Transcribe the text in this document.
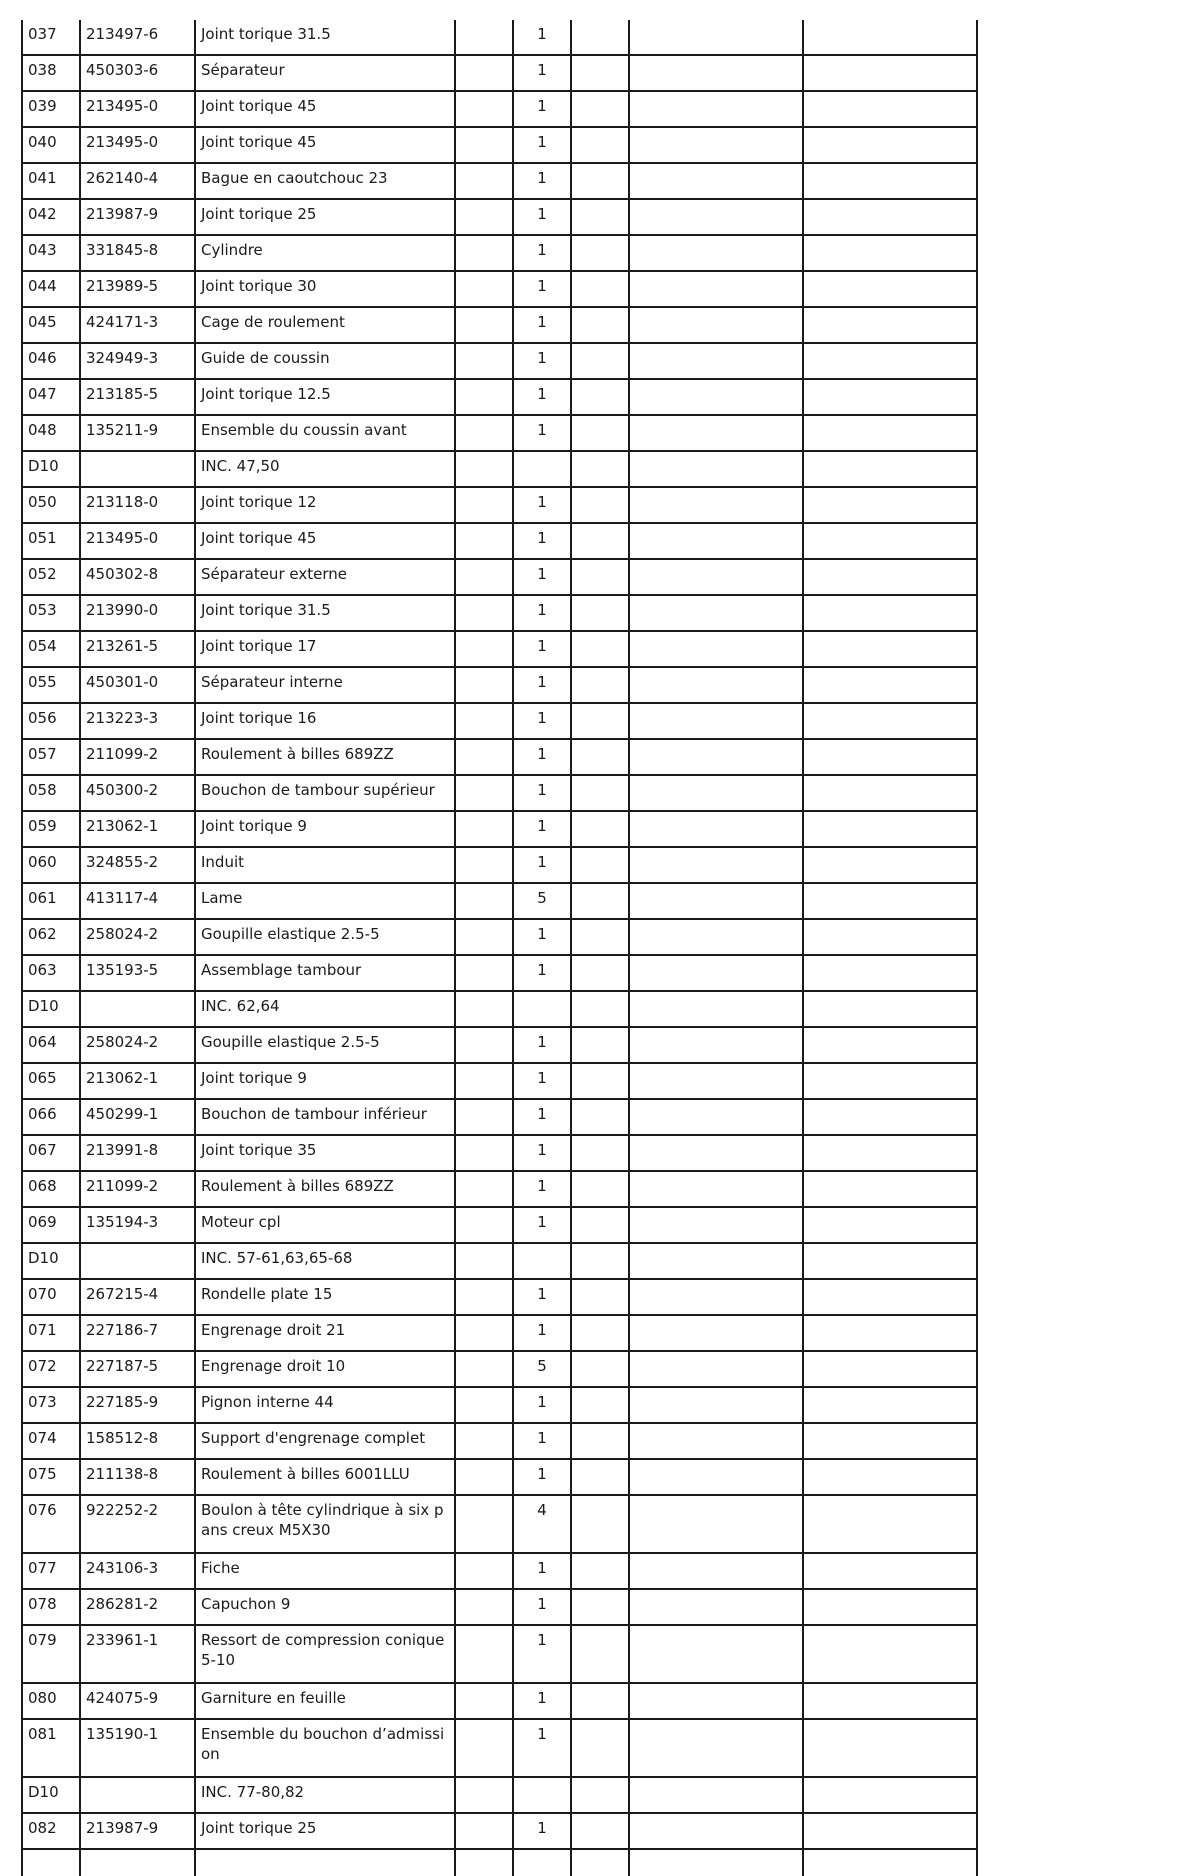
037	213497-6	Joint torique 31.5		1			
038	450303-6	Séparateur		1			
039	213495-0	Joint torique 45		1			
040	213495-0	Joint torique 45		1			
041	262140-4	Bague en caoutchouc 23		1			
042	213987-9	Joint torique 25		1			
043	331845-8	Cylindre		1			
044	213989-5	Joint torique 30		1			
045	424171-3	Cage de roulement		1			
046	324949-3	Guide de coussin		1			
047	213185-5	Joint torique 12.5		1			
048	135211-9	Ensemble du coussin avant		1			
D10		INC. 47,50					
050	213118-0	Joint torique 12		1			
051	213495-0	Joint torique 45		1			
052	450302-8	Séparateur externe		1			
053	213990-0	Joint torique 31.5		1			
054	213261-5	Joint torique 17		1			
055	450301-0	Séparateur interne		1			
056	213223-3	Joint torique 16		1			
057	211099-2	Roulement à billes 689ZZ		1			
058	450300-2	Bouchon de tambour supérieur		1			
059	213062-1	Joint torique 9		1			
060	324855-2	Induit		1			
061	413117-4	Lame		5			
062	258024-2	Goupille elastique 2.5-5		1			
063	135193-5	Assemblage tambour		1			
D10		INC. 62,64					
064	258024-2	Goupille elastique 2.5-5		1			
065	213062-1	Joint torique 9		1			
066	450299-1	Bouchon de tambour inférieur		1			
067	213991-8	Joint torique 35		1			
068	211099-2	Roulement à billes 689ZZ		1			
069	135194-3	Moteur cpl		1			
D10		INC. 57-61,63,65-68					
070	267215-4	Rondelle plate 15		1			
071	227186-7	Engrenage droit 21		1			
072	227187-5	Engrenage droit 10		5			
073	227185-9	Pignon interne 44		1			
074	158512-8	Support d'engrenage complet		1			
075	211138-8	Roulement à billes 6001LLU		1			
076	922252-2	Boulon à tête cylindrique à six pans creux M5X30		4			
077	243106-3	Fiche		1			
078	286281-2	Capuchon 9		1			
079	233961-1	Ressort de compression conique 5-10		1			
080	424075-9	Garniture en feuille		1			
081	135190-1	Ensemble du bouchon d’admission		1			
D10		INC. 77-80,82					
082	213987-9	Joint torique 25		1			
